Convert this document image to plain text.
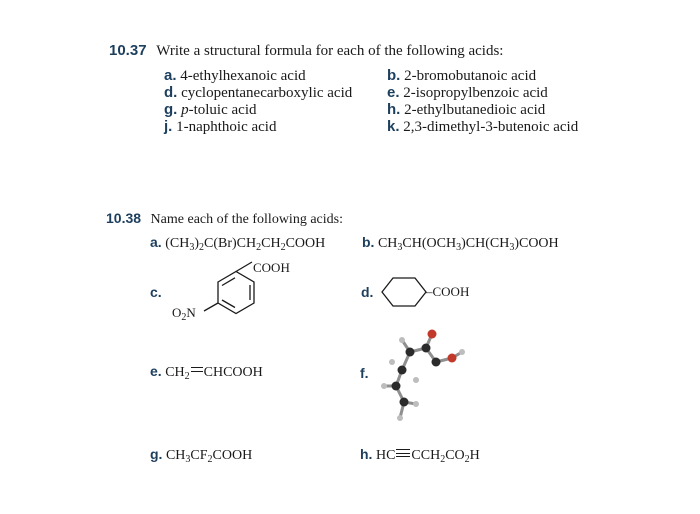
10.37 Write a structural formula for each of the following acids:
a. 4-ethylhexanoic acid	b. 2-bromobutanoic acid
d. cyclopentanecarboxylic acid e. 2-isopropylbenzoic acid
g. p-toluic acid	h. 2-ethylbutanedioic acid
j. 1-naphthoic acid	k. 2,3-dimethyl-3-butenoic acid
10.38 Name each of the following acids:
a. $(CH_3)_2C(Br)CH_2CH_2COOH$	b. $CH_3CH(OCH_3)CH(CH_3)COOH$
c.
COOH
$O_2N$
d.	–COOH
e. $CH_2$ CHCOOH	f.
g. $CH_3CF_2COOH$	h. HC $CCH_2CO_2H$
